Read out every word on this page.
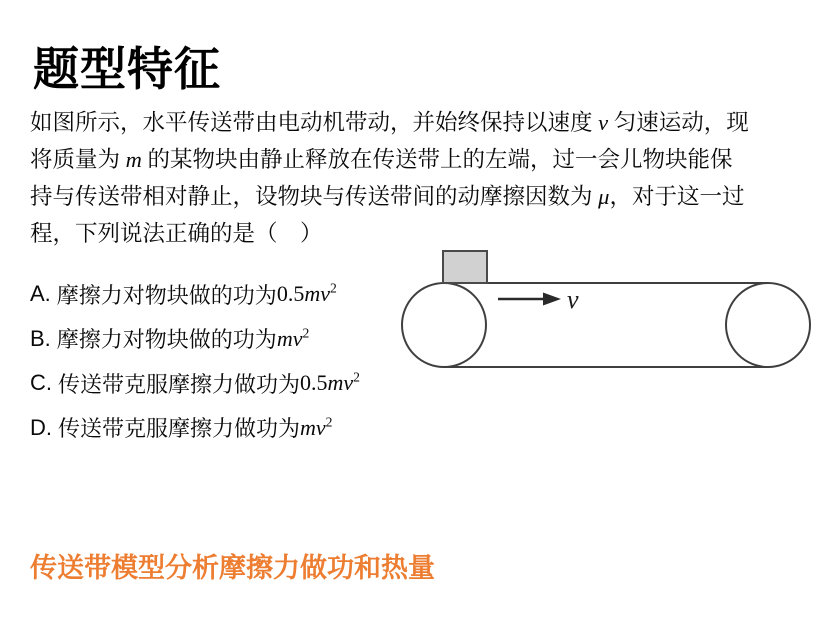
题型特征
如图所示，水平传送带由电动机带动，并始终保持以速度 v 匀速运动，现
将质量为 m 的某物块由静止释放在传送带上的左端，过一会儿物块能保
持与传送带相对静止，设物块与传送带间的动摩擦因数为 μ，对于这一过
程，下列说法正确的是（　）
A. 摩擦力对物块做的功为 $0.5mv^2$
B. 摩擦力对物块做的功为 $mv^2$
C. 传送带克服摩擦力做功为 $0.5mv^2$
D. 传送带克服摩擦力做功为 $mv^2$
v
传送带模型分析摩擦力做功和热量
